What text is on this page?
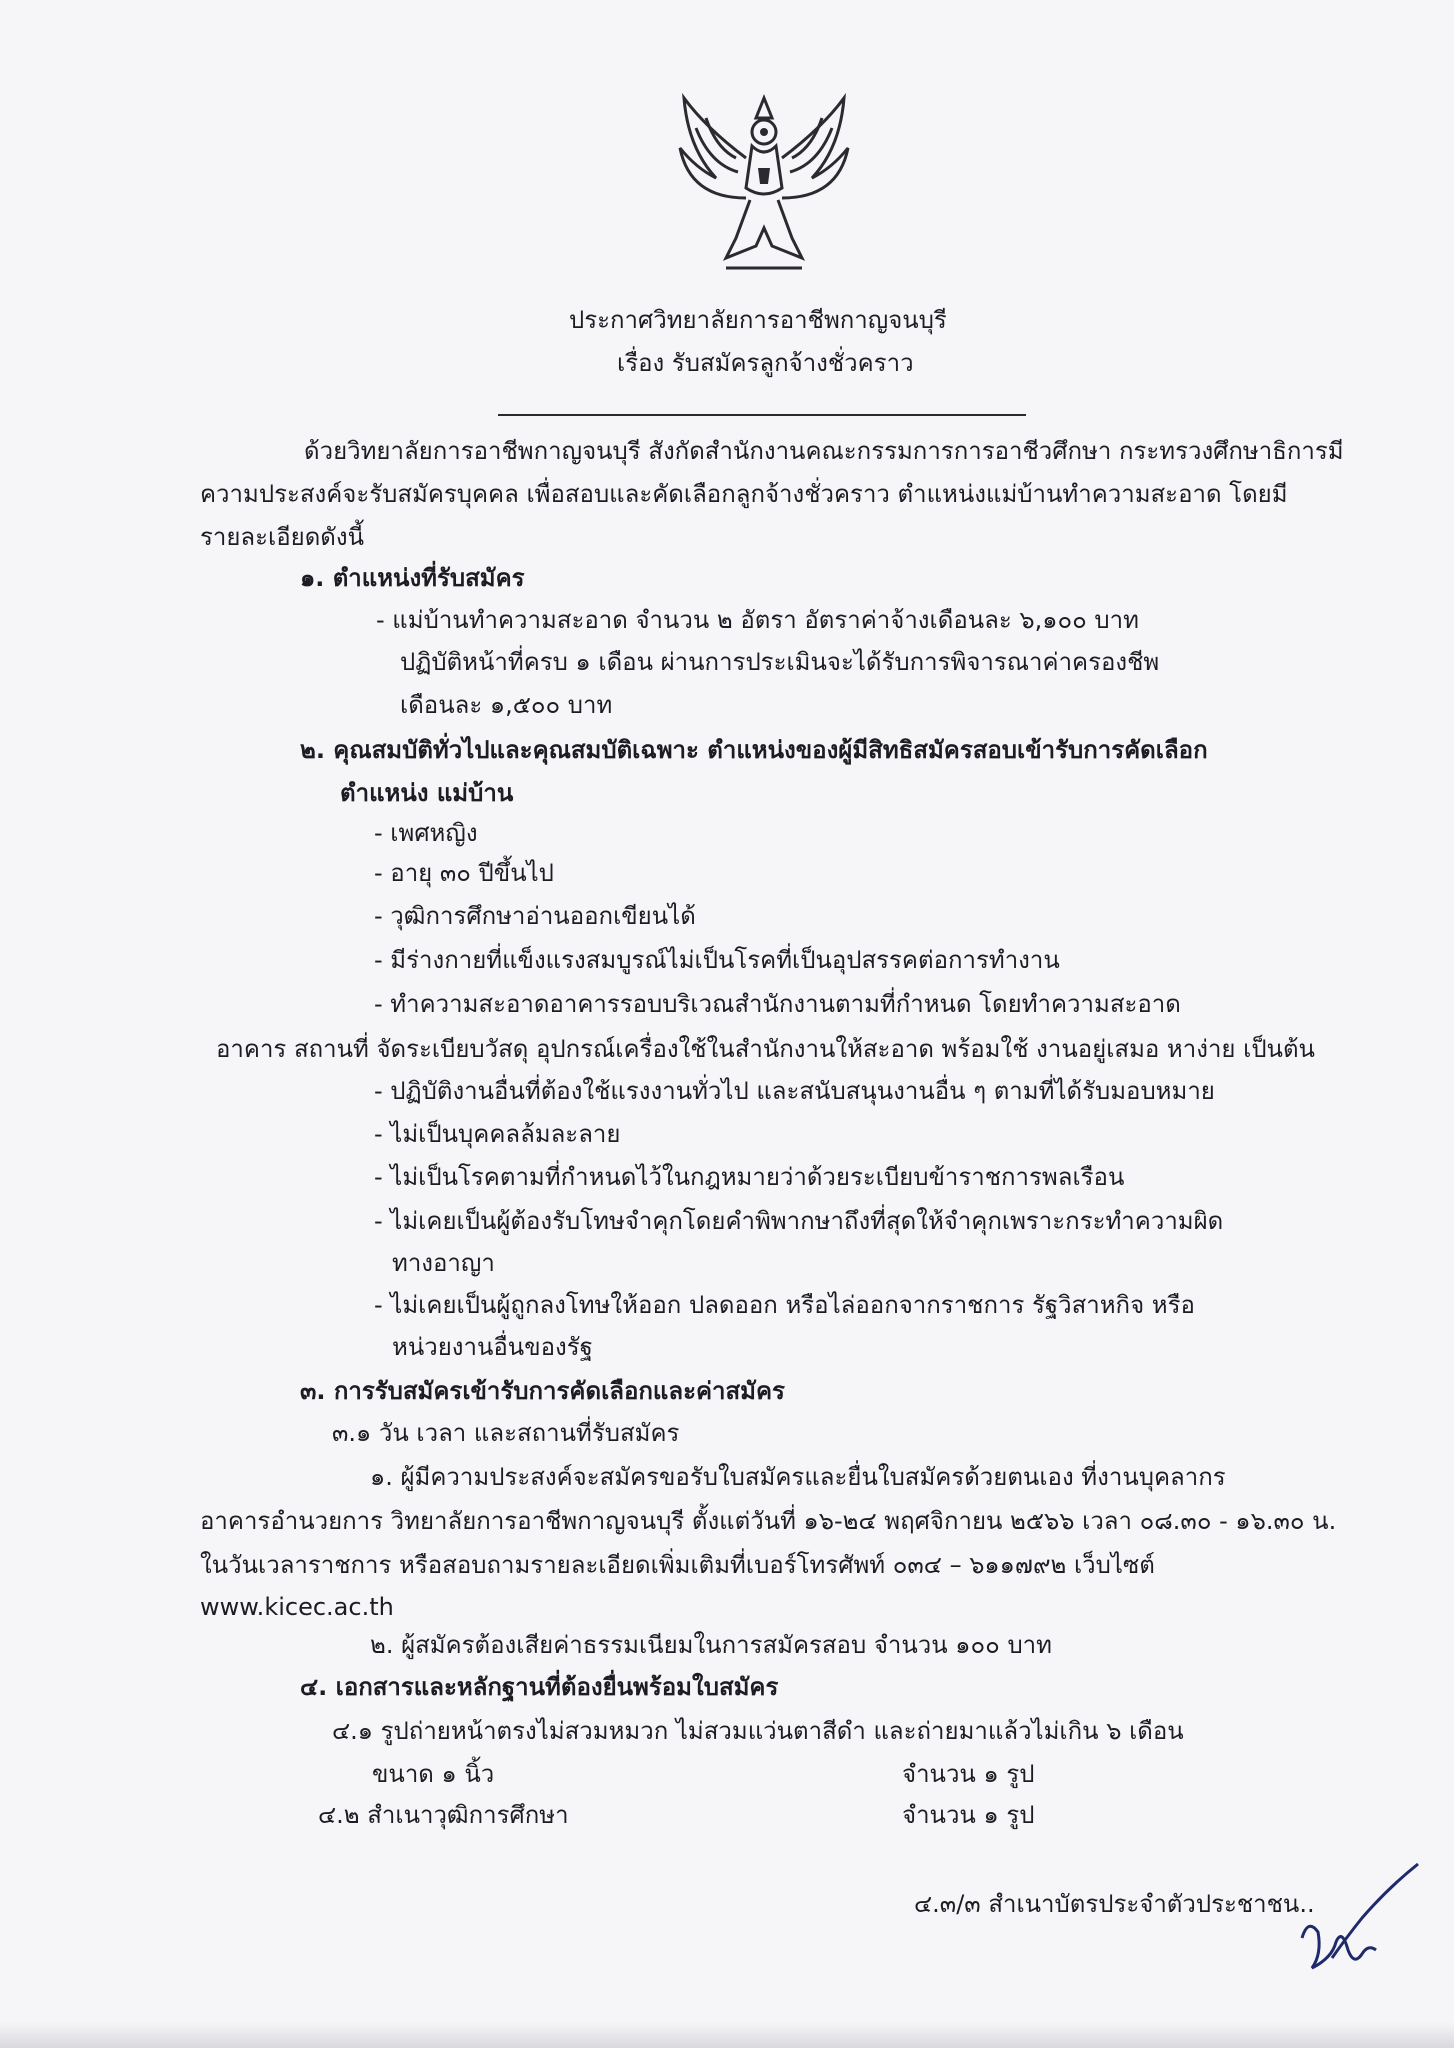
ประกาศวิทยาลัยการอาชีพกาญจนบุรี
เรื่อง รับสมัครลูกจ้างชั่วคราว
ด้วยวิทยาลัยการอาชีพกาญจนบุรี สังกัดสำนักงานคณะกรรมการการอาชีวศึกษา กระทรวงศึกษาธิการมี
ความประสงค์จะรับสมัครบุคคล เพื่อสอบและคัดเลือกลูกจ้างชั่วคราว ตำแหน่งแม่บ้านทำความสะอาด โดยมี
รายละเอียดดังนี้
๑. ตำแหน่งที่รับสมัคร
- แม่บ้านทำความสะอาด จำนวน ๒ อัตรา อัตราค่าจ้างเดือนละ ๖,๑๐๐ บาท
ปฏิบัติหน้าที่ครบ ๑ เดือน ผ่านการประเมินจะได้รับการพิจารณาค่าครองชีพ
เดือนละ ๑,๕๐๐ บาท
๒. คุณสมบัติทั่วไปและคุณสมบัติเฉพาะ ตำแหน่งของผู้มีสิทธิสมัครสอบเข้ารับการคัดเลือก
ตำแหน่ง แม่บ้าน
- เพศหญิง
- อายุ ๓๐ ปีขึ้นไป
- วุฒิการศึกษาอ่านออกเขียนได้
- มีร่างกายที่แข็งแรงสมบูรณ์ไม่เป็นโรคที่เป็นอุปสรรคต่อการทำงาน
- ทำความสะอาดอาคารรอบบริเวณสำนักงานตามที่กำหนด โดยทำความสะอาด
อาคาร สถานที่ จัดระเบียบวัสดุ อุปกรณ์เครื่องใช้ในสำนักงานให้สะอาด พร้อมใช้ งานอยู่เสมอ หาง่าย เป็นต้น
- ปฏิบัติงานอื่นที่ต้องใช้แรงงานทั่วไป และสนับสนุนงานอื่น ๆ ตามที่ได้รับมอบหมาย
- ไม่เป็นบุคคลล้มละลาย
- ไม่เป็นโรคตามที่กำหนดไว้ในกฎหมายว่าด้วยระเบียบข้าราชการพลเรือน
- ไม่เคยเป็นผู้ต้องรับโทษจำคุกโดยคำพิพากษาถึงที่สุดให้จำคุกเพราะกระทำความผิด
ทางอาญา
- ไม่เคยเป็นผู้ถูกลงโทษให้ออก ปลดออก หรือไล่ออกจากราชการ รัฐวิสาหกิจ หรือ
หน่วยงานอื่นของรัฐ
๓. การรับสมัครเข้ารับการคัดเลือกและค่าสมัคร
๓.๑ วัน เวลา และสถานที่รับสมัคร
๑. ผู้มีความประสงค์จะสมัครขอรับใบสมัครและยื่นใบสมัครด้วยตนเอง ที่งานบุคลากร
อาคารอำนวยการ วิทยาลัยการอาชีพกาญจนบุรี ตั้งแต่วันที่ ๑๖-๒๔ พฤศจิกายน ๒๕๖๖ เวลา ๐๘.๓๐ - ๑๖.๓๐ น.
ในวันเวลาราชการ หรือสอบถามรายละเอียดเพิ่มเติมที่เบอร์โทรศัพท์ ๐๓๔ – ๖๑๑๗๙๒ เว็บไซต์
www.kicec.ac.th
๒. ผู้สมัครต้องเสียค่าธรรมเนียมในการสมัครสอบ จำนวน ๑๐๐ บาท
๔. เอกสารและหลักฐานที่ต้องยื่นพร้อมใบสมัคร
๔.๑ รูปถ่ายหน้าตรงไม่สวมหมวก ไม่สวมแว่นตาสีดำ และถ่ายมาแล้วไม่เกิน ๖ เดือน
ขนาด ๑ นิ้ว	จำนวน ๑ รูป
๔.๒ สำเนาวุฒิการศึกษา	จำนวน ๑ รูป
๔.๓/๓ สำเนาบัตรประจำตัวประชาชน..
